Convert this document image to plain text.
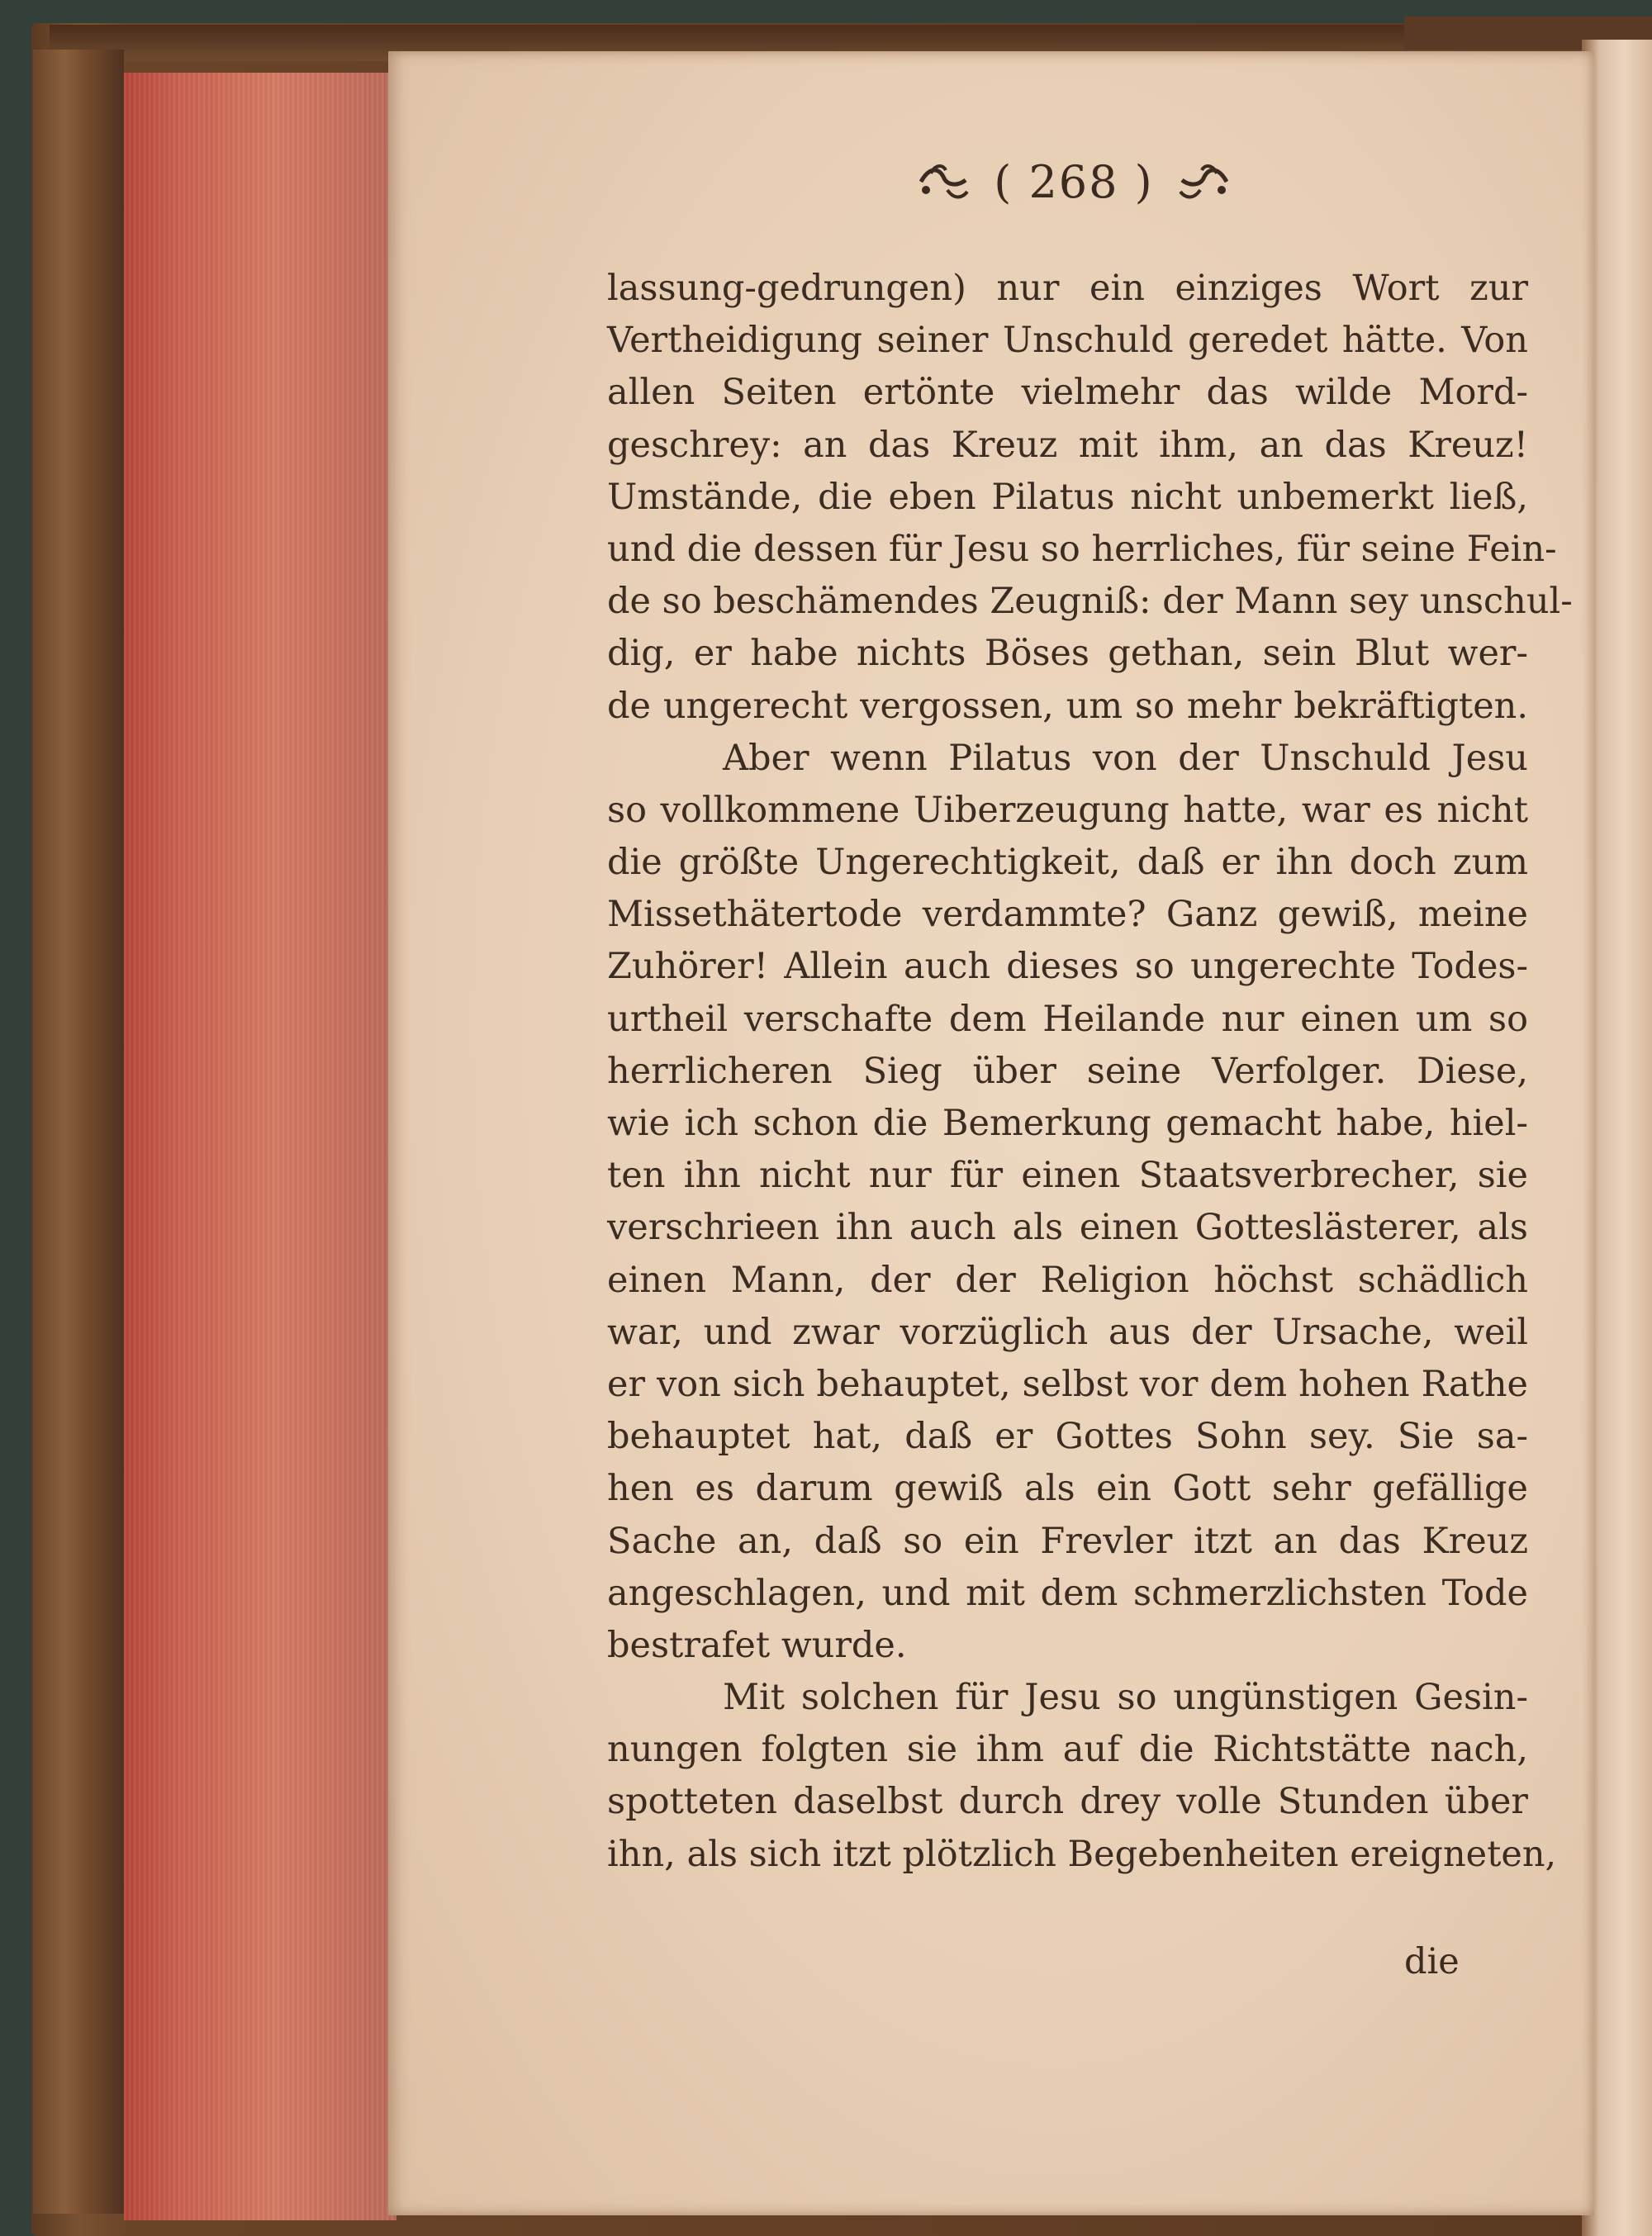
( 268 )
lassung-gedrungen) nur ein einziges Wort zur
Vertheidigung seiner Unschuld geredet hätte. Von
allen Seiten ertönte vielmehr das wilde Mord-
geschrey: an das Kreuz mit ihm, an das Kreuz!
Umstände, die eben Pilatus nicht unbemerkt ließ,
und die dessen für Jesu so herrliches, für seine Fein-
de so beschämendes Zeugniß: der Mann sey unschul-
dig, er habe nichts Böses gethan, sein Blut wer-
de ungerecht vergossen, um so mehr bekräftigten.
Aber wenn Pilatus von der Unschuld Jesu
so vollkommene Uiberzeugung hatte, war es nicht
die größte Ungerechtigkeit, daß er ihn doch zum
Missethätertode verdammte? Ganz gewiß, meine
Zuhörer! Allein auch dieses so ungerechte Todes-
urtheil verschafte dem Heilande nur einen um so
herrlicheren Sieg über seine Verfolger. Diese,
wie ich schon die Bemerkung gemacht habe, hiel-
ten ihn nicht nur für einen Staatsverbrecher, sie
verschrieen ihn auch als einen Gotteslästerer, als
einen Mann, der der Religion höchst schädlich
war, und zwar vorzüglich aus der Ursache, weil
er von sich behauptet, selbst vor dem hohen Rathe
behauptet hat, daß er Gottes Sohn sey. Sie sa-
hen es darum gewiß als ein Gott sehr gefällige
Sache an, daß so ein Frevler itzt an das Kreuz
angeschlagen, und mit dem schmerzlichsten Tode
bestrafet wurde.
Mit solchen für Jesu so ungünstigen Gesin-
nungen folgten sie ihm auf die Richtstätte nach,
spotteten daselbst durch drey volle Stunden über
ihn, als sich itzt plötzlich Begebenheiten ereigneten,
die
